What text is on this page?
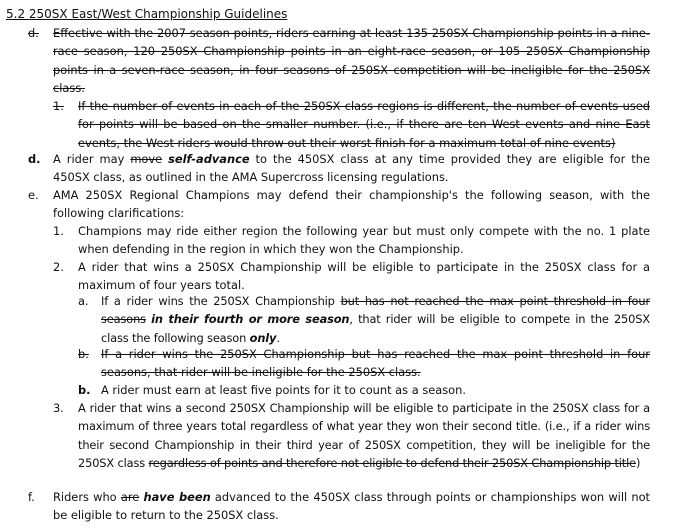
5.2 250SX East/West Championship Guidelines
d.	Effective with the 2007 season points, riders earning at least 135 250SX Championship points in a nine-race season, 120 250SX Championship points in an eight-race season, or 105 250SX Championship points in a seven-race season, in four seasons of 250SX competition will be ineligible for the 250SX class.
1.	If the number of events in each of the 250SX class regions is different, the number of events used for points will be based on the smaller number. (i.e., if there are ten West events and nine East events, the West riders would throw out their worst finish for a maximum total of nine events)
d.	A rider may move self-advance to the 450SX class at any time provided they are eligible for the 450SX class, as outlined in the AMA Supercross licensing regulations.
e.	AMA 250SX Regional Champions may defend their championship's the following season, with the following clarifications:
1.	Champions may ride either region the following year but must only compete with the no. 1 plate when defending in the region in which they won the Championship.
2.	A rider that wins a 250SX Championship will be eligible to participate in the 250SX class for a maximum of four years total.
a.	If a rider wins the 250SX Championship but has not reached the max point threshold in four seasons in their fourth or more season, that rider will be eligible to compete in the 250SX class the following season only.
b.	If a rider wins the 250SX Championship but has reached the max point threshold in four seasons, that rider will be ineligible for the 250SX class.
b. A rider must earn at least five points for it to count as a season.
3.	A rider that wins a second 250SX Championship will be eligible to participate in the 250SX class for a maximum of three years total regardless of what year they won their second title. (i.e., if a rider wins their second Championship in their third year of 250SX competition, they will be ineligible for the 250SX class regardless of points and therefore not eligible to defend their 250SX Championship title)
f.	Riders who are have been advanced to the 450SX class through points or championships won will not be eligible to return to the 250SX class.
